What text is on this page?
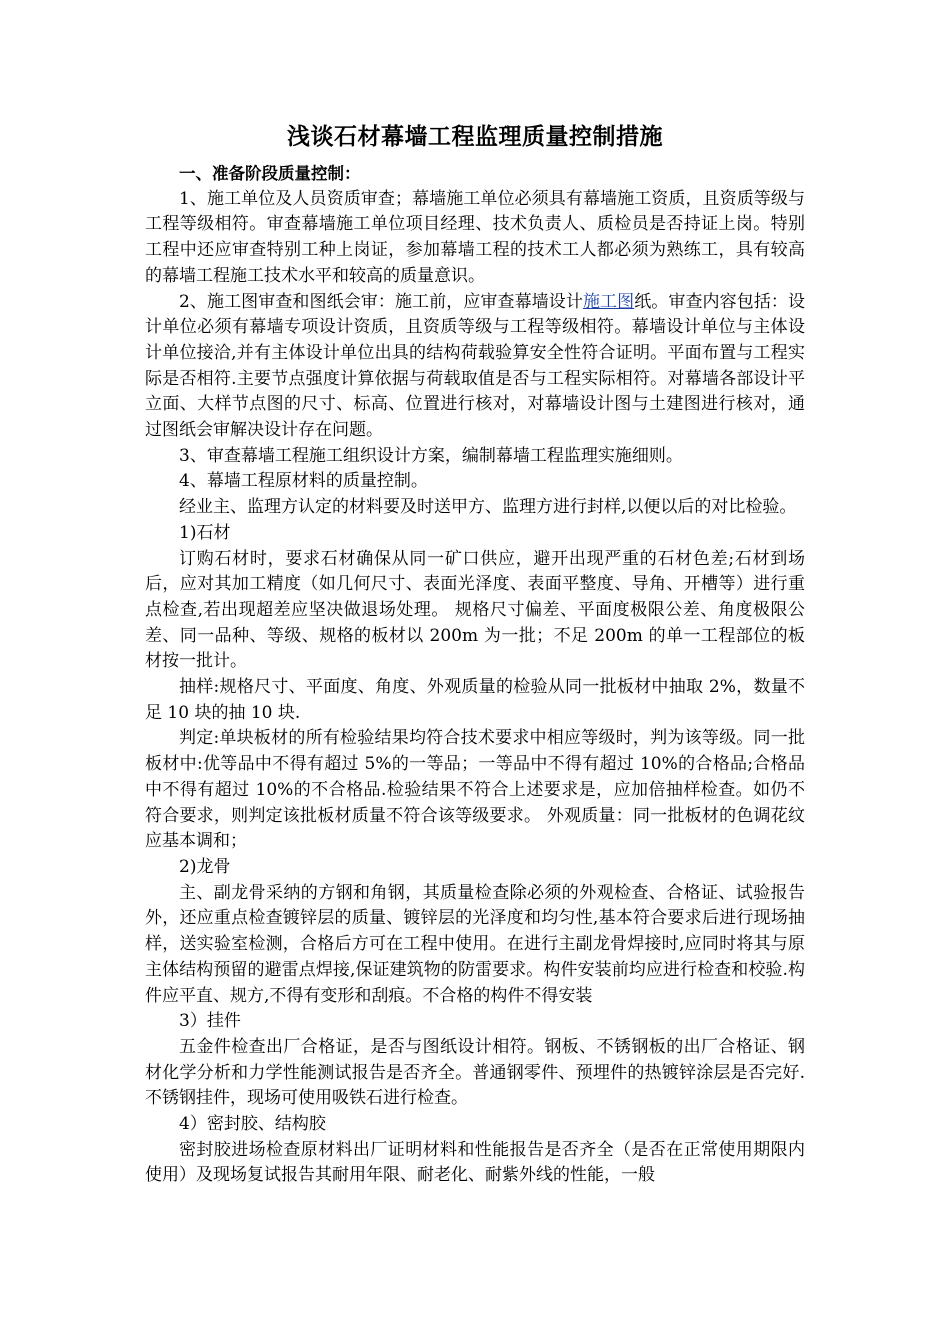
浅谈石材幕墙工程监理质量控制措施

一、准备阶段质量控制：

1、施工单位及人员资质审查；幕墙施工单位必须具有幕墙施工资质，且资质等级与工程等级相符。审查幕墙施工单位项目经理、技术负责人、质检员是否持证上岗。特别工程中还应审查特别工种上岗证，参加幕墙工程的技术工人都必须为熟练工，具有较高的幕墙工程施工技术水平和较高的质量意识。

2、施工图审查和图纸会审：施工前，应审查幕墙设计施工图纸。审查内容包括：设计单位必须有幕墙专项设计资质，且资质等级与工程等级相符。幕墙设计单位与主体设计单位接洽,并有主体设计单位出具的结构荷载验算安全性符合证明。平面布置与工程实际是否相符.主要节点强度计算依据与荷载取值是否与工程实际相符。对幕墙各部设计平立面、大样节点图的尺寸、标高、位置进行核对，对幕墙设计图与土建图进行核对，通过图纸会审解决设计存在问题。

3、审查幕墙工程施工组织设计方案，编制幕墙工程监理实施细则。

4、幕墙工程原材料的质量控制。

经业主、监理方认定的材料要及时送甲方、监理方进行封样,以便以后的对比检验。

1)石材

订购石材时，要求石材确保从同一矿口供应，避开出现严重的石材色差;石材到场后，应对其加工精度（如几何尺寸、表面光泽度、表面平整度、导角、开槽等）进行重点检查,若出现超差应坚决做退场处理。 规格尺寸偏差、平面度极限公差、角度极限公差、同一品种、等级、规格的板材以 200m 为一批；不足 200m 的单一工程部位的板材按一批计。

抽样:规格尺寸、平面度、角度、外观质量的检验从同一批板材中抽取 2%，数量不足 10 块的抽 10 块.

判定:单块板材的所有检验结果均符合技术要求中相应等级时，判为该等级。同一批板材中:优等品中不得有超过 5%的一等品；一等品中不得有超过 10%的合格品;合格品中不得有超过 10%的不合格品.检验结果不符合上述要求是，应加倍抽样检查。如仍不符合要求，则判定该批板材质量不符合该等级要求。 外观质量：同一批板材的色调花纹应基本调和；

2)龙骨

主、副龙骨采纳的方钢和角钢，其质量检查除必须的外观检查、合格证、试验报告外，还应重点检查镀锌层的质量、镀锌层的光泽度和均匀性,基本符合要求后进行现场抽样，送实验室检测，合格后方可在工程中使用。在进行主副龙骨焊接时,应同时将其与原主体结构预留的避雷点焊接,保证建筑物的防雷要求。构件安装前均应进行检查和校验.构件应平直、规方,不得有变形和刮痕。不合格的构件不得安装

3）挂件

五金件检查出厂合格证，是否与图纸设计相符。钢板、不锈钢板的出厂合格证、钢材化学分析和力学性能测试报告是否齐全。普通钢零件、预埋件的热镀锌涂层是否完好.不锈钢挂件，现场可使用吸铁石进行检查。

4）密封胶、结构胶

密封胶进场检查原材料出厂证明材料和性能报告是否齐全（是否在正常使用期限内使用）及现场复试报告其耐用年限、耐老化、耐紫外线的性能，一般
